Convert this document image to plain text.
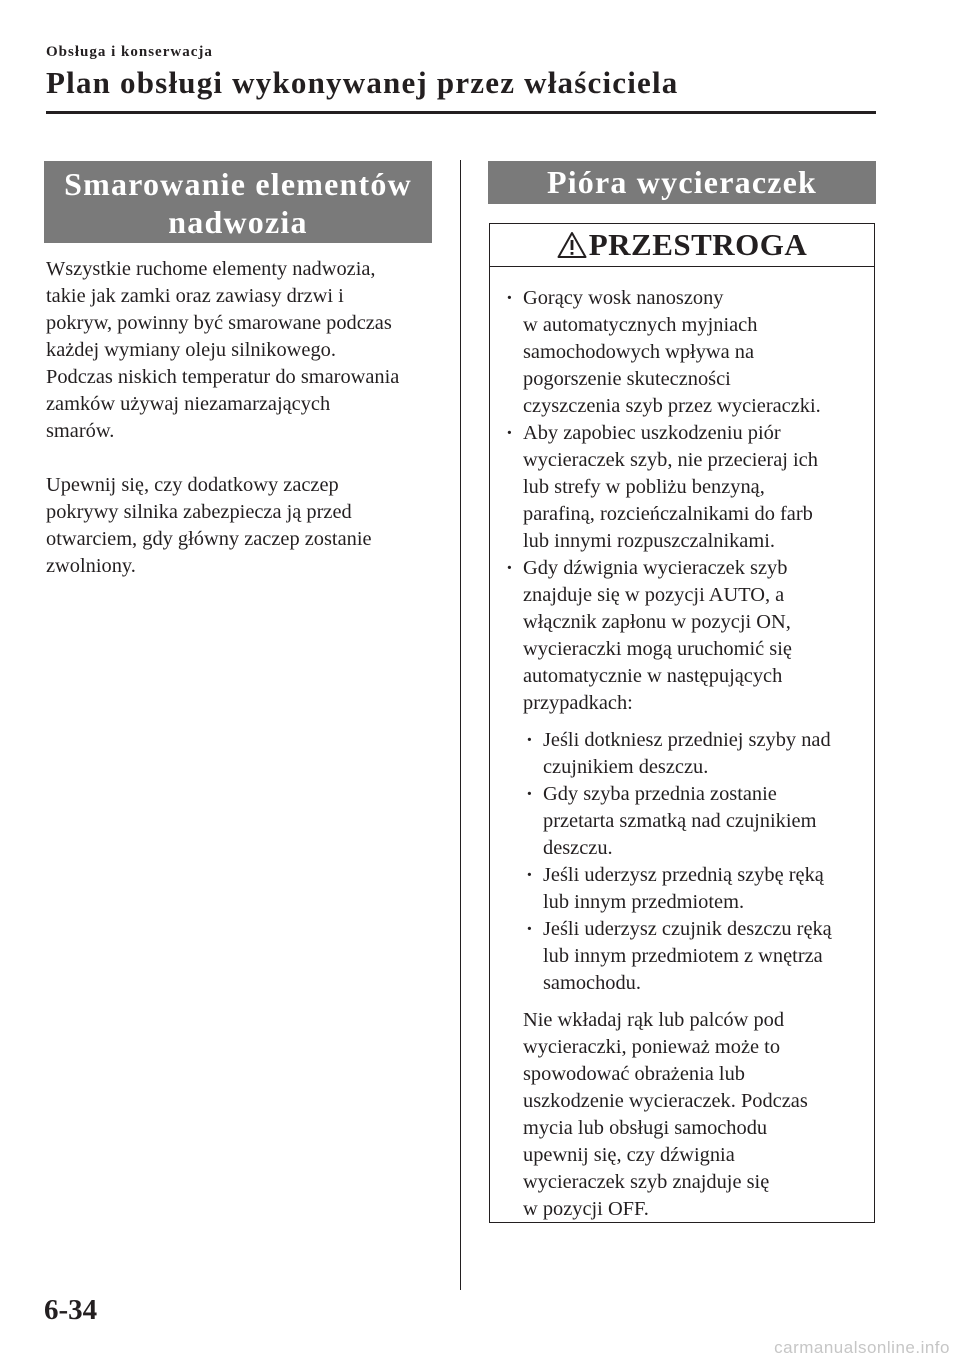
Obsługa i konserwacja
Plan obsługi wykonywanej przez właściciela
Smarowanie elementów
nadwozia

Wszystkie ruchome elementy nadwozia,
takie jak zamki oraz zawiasy drzwi i
pokryw, powinny być smarowane podczas
każdej wymiany oleju silnikowego.
Podczas niskich temperatur do smarowania
zamków używaj niezamarzających
smarów.

Upewnij się, czy dodatkowy zaczep
pokrywy silnika zabezpiecza ją przed
otwarciem, gdy główny zaczep zostanie
zwolniony.

Pióra wycieraczek
PRZESTROGA
· Gorący wosk nanoszony
w automatycznych myjniach
samochodowych wpływa na
pogorszenie skuteczności
czyszczenia szyb przez wycieraczki.
· Aby zapobiec uszkodzeniu piór
wycieraczek szyb, nie przecieraj ich
lub strefy w pobliżu benzyną,
parafiną, rozcieńczalnikami do farb
lub innymi rozpuszczalnikami.
· Gdy dźwignia wycieraczek szyb
znajduje się w pozycji AUTO, a
włącznik zapłonu w pozycji ON,
wycieraczki mogą uruchomić się
automatycznie w następujących
przypadkach:
· Jeśli dotkniesz przedniej szyby nad
czujnikiem deszczu.
· Gdy szyba przednia zostanie
przetarta szmatką nad czujnikiem
deszczu.
· Jeśli uderzysz przednią szybę ręką
lub innym przedmiotem.
· Jeśli uderzysz czujnik deszczu ręką
lub innym przedmiotem z wnętrza
samochodu.
Nie wkładaj rąk lub palców pod
wycieraczki, ponieważ może to
spowodować obrażenia lub
uszkodzenie wycieraczek. Podczas
mycia lub obsługi samochodu
upewnij się, czy dźwignia
wycieraczek szyb znajduje się
w pozycji OFF.
6-34
carmanualsonline.info
